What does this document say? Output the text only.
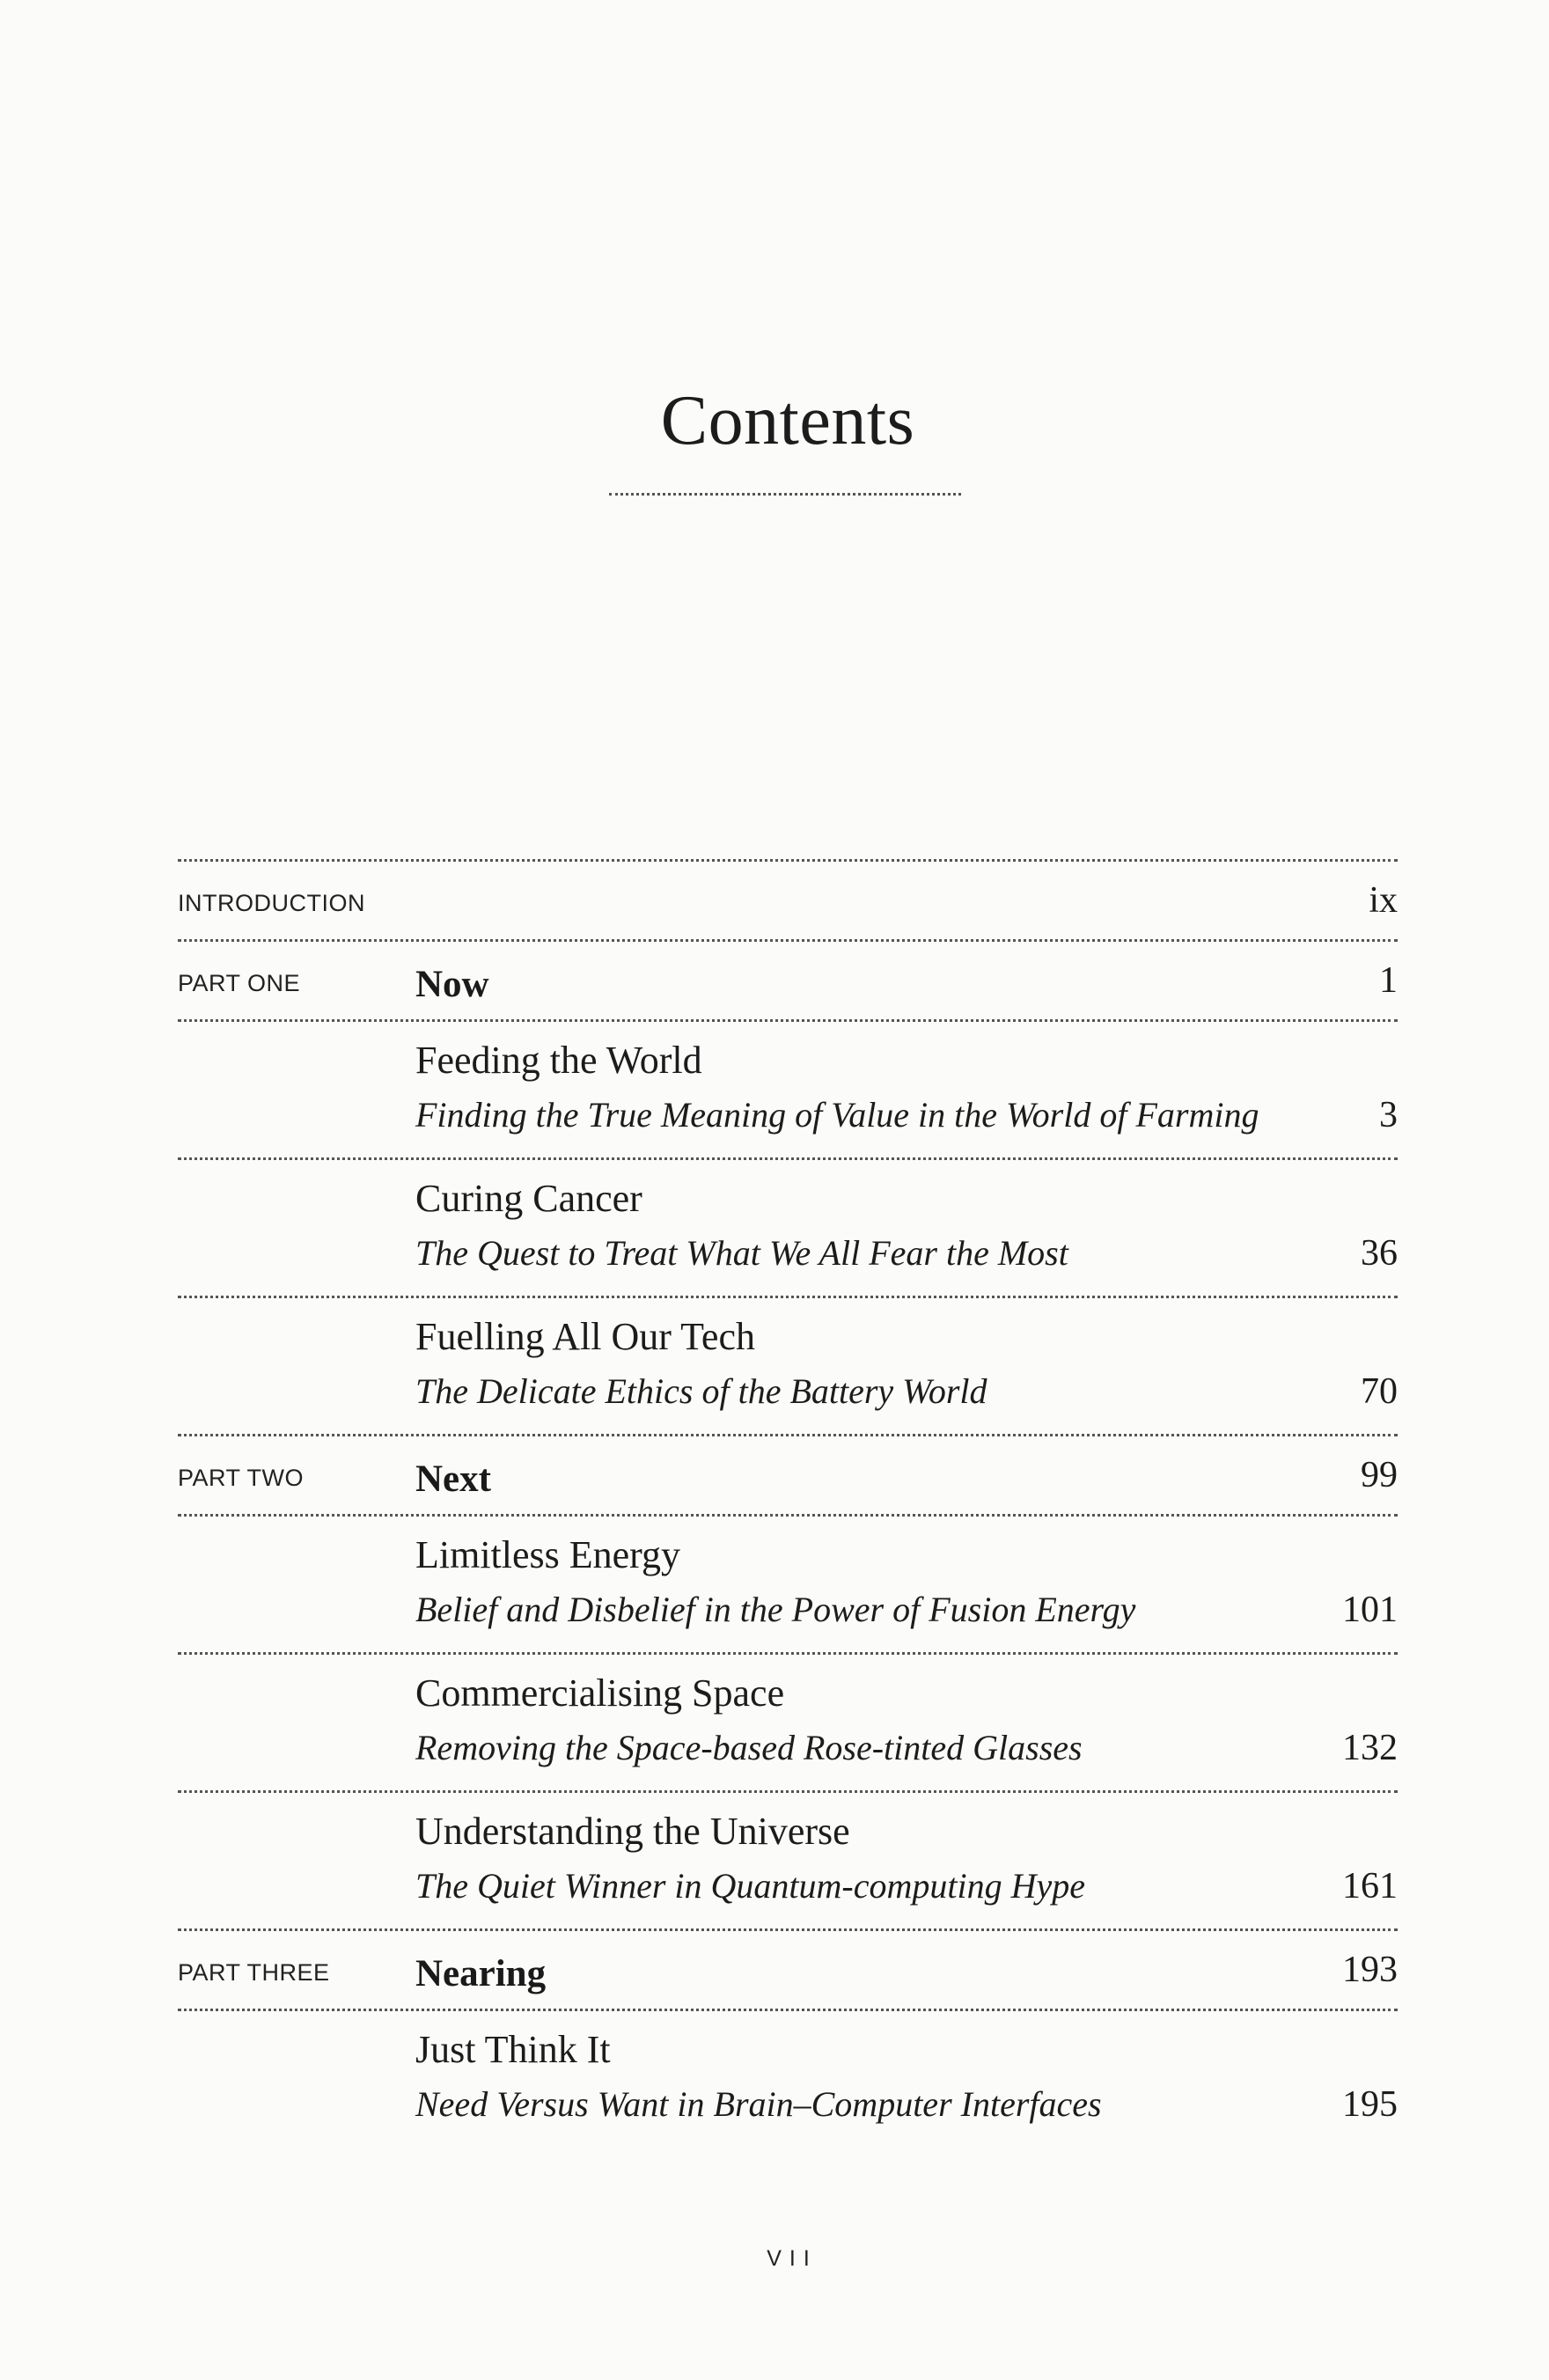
Contents
INTRODUCTION	ix
PART ONE	Now	1
Feeding the World
Finding the True Meaning of Value in the World of Farming	3
Curing Cancer
The Quest to Treat What We All Fear the Most	36
Fuelling All Our Tech
The Delicate Ethics of the Battery World	70
PART TWO	Next	99
Limitless Energy
Belief and Disbelief in the Power of Fusion Energy	101
Commercialising Space
Removing the Space-based Rose-tinted Glasses	132
Understanding the Universe
The Quiet Winner in Quantum-computing Hype	161
PART THREE Nearing	193
Just Think It
Need Versus Want in Brain–Computer Interfaces	195
VII
